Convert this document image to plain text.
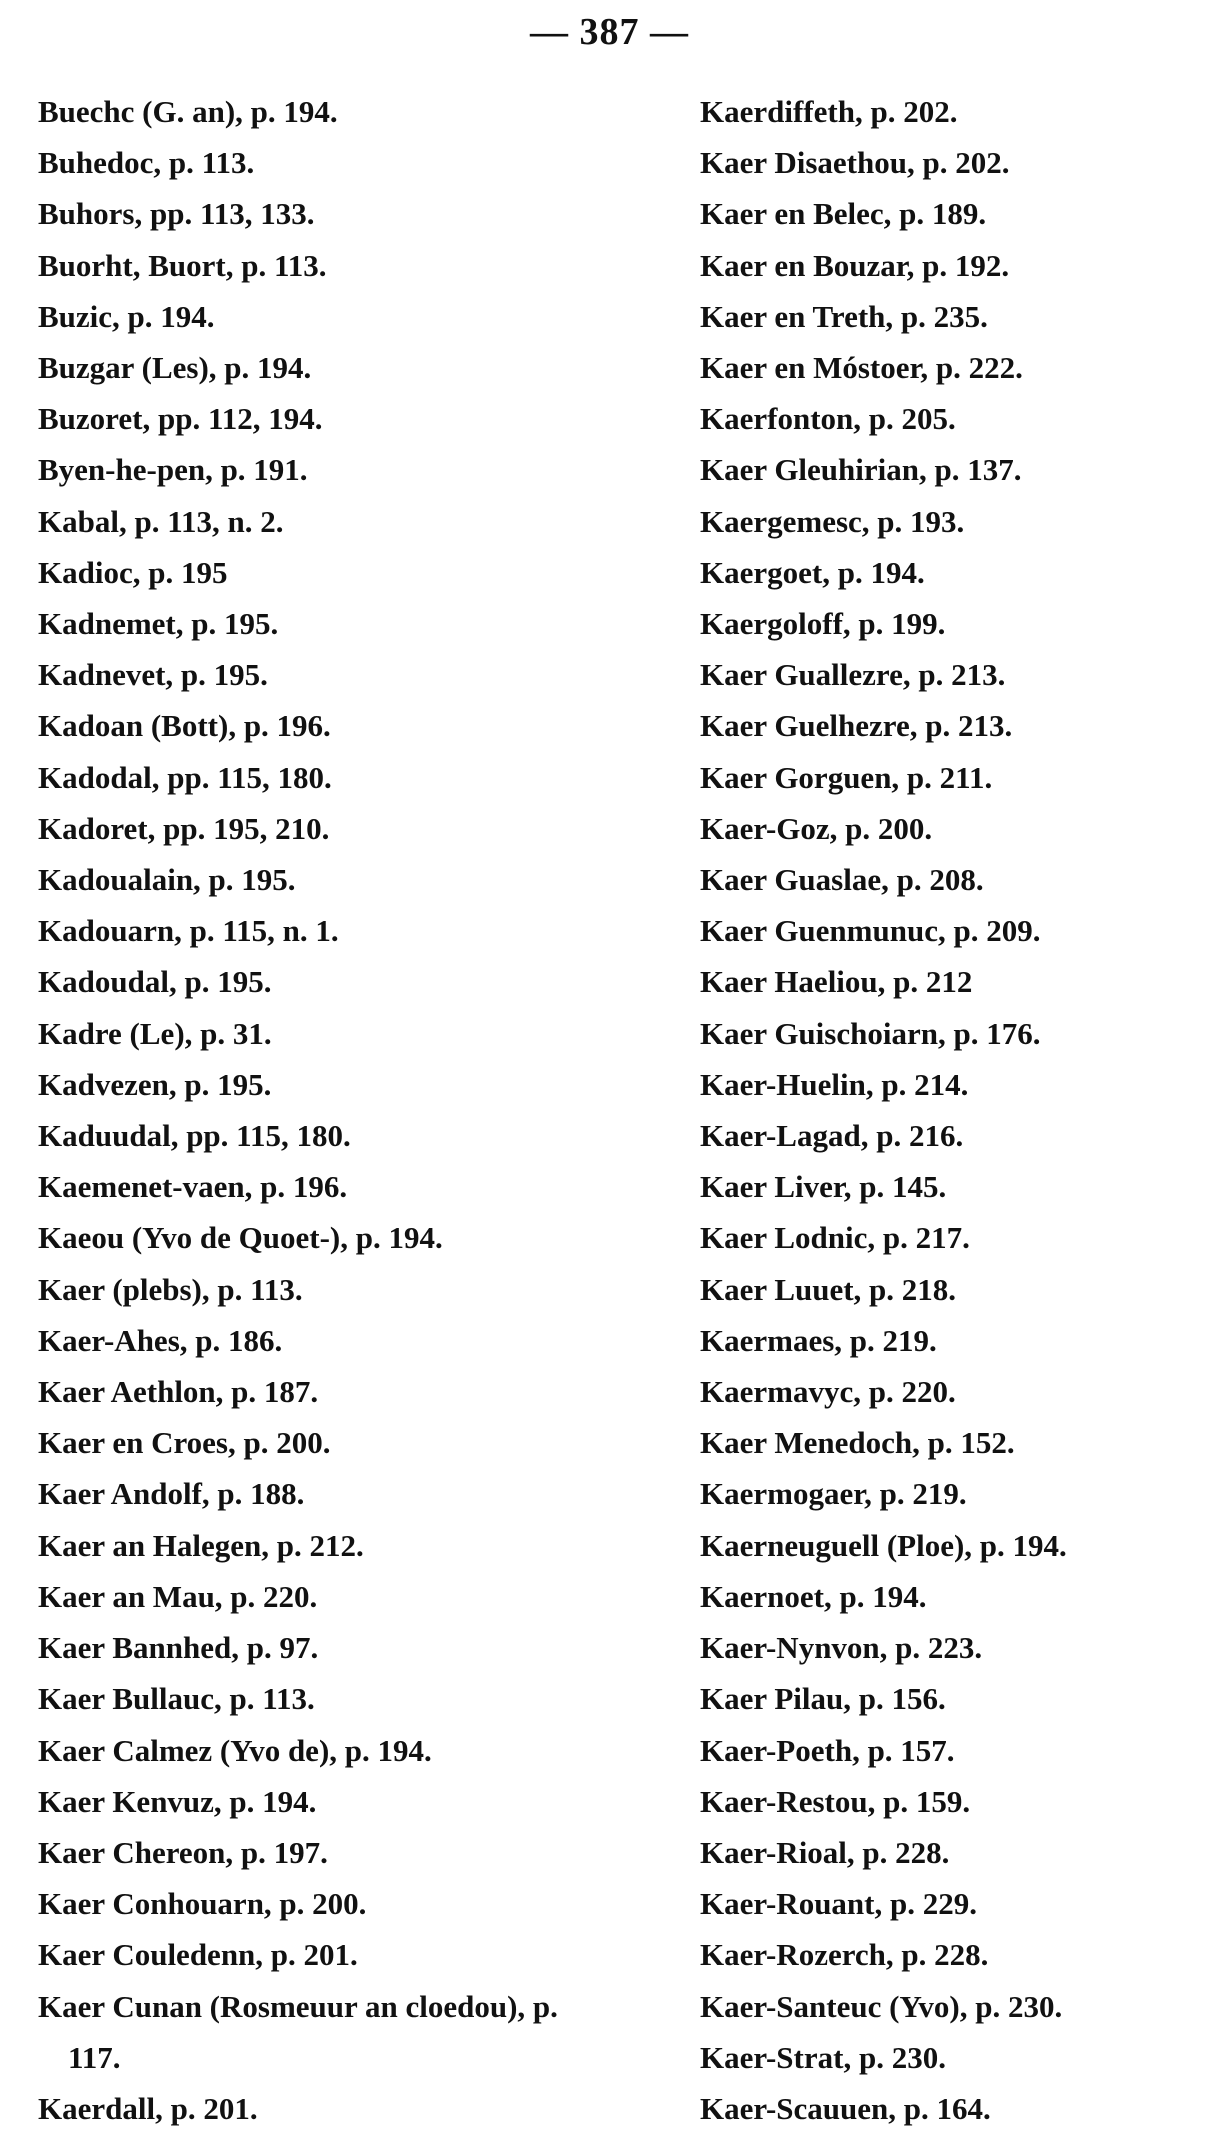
— 387 —
Buechc (G. an), p. 194.
Buhedoc, p. 113.
Buhors, pp. 113, 133.
Buorht, Buort, p. 113.
Buzic, p. 194.
Buzgar (Les), p. 194.
Buzoret, pp. 112, 194.
Byen-he-pen, p. 191.
Kabal, p. 113, n. 2.
Kadioc, p. 195
Kadnemet, p. 195.
Kadnevet, p. 195.
Kadoan (Bott), p. 196.
Kadodal, pp. 115, 180.
Kadoret, pp. 195, 210.
Kadoualain, p. 195.
Kadouarn, p. 115, n. 1.
Kadoudal, p. 195.
Kadre (Le), p. 31.
Kadvezen, p. 195.
Kaduudal, pp. 115, 180.
Kaemenet-vaen, p. 196.
Kaeou (Yvo de Quoet-), p. 194.
Kaer (plebs), p. 113.
Kaer-Ahes, p. 186.
Kaer Aethlon, p. 187.
Kaer en Croes, p. 200.
Kaer Andolf, p. 188.
Kaer an Halegen, p. 212.
Kaer an Mau, p. 220.
Kaer Bannhed, p. 97.
Kaer Bullauc, p. 113.
Kaer Calmez (Yvo de), p. 194.
Kaer Kenvuz, p. 194.
Kaer Chereon, p. 197.
Kaer Conhouarn, p. 200.
Kaer Couledenn, p. 201.
Kaer Cunan (Rosmeuur an cloedou), p. 117.
Kaerdall, p. 201.
Kaerdiffeth, p. 202.
Kaer Disaethou, p. 202.
Kaer en Belec, p. 189.
Kaer en Bouzar, p. 192.
Kaer en Treth, p. 235.
Kaer en Móstoer, p. 222.
Kaerfonton, p. 205.
Kaer Gleuhirian, p. 137.
Kaergemesc, p. 193.
Kaergoet, p. 194.
Kaergoloff, p. 199.
Kaer Guallezre, p. 213.
Kaer Guelhezre, p. 213.
Kaer Gorguen, p. 211.
Kaer-Goz, p. 200.
Kaer Guaslae, p. 208.
Kaer Guenmunuc, p. 209.
Kaer Haeliou, p. 212
Kaer Guischoiarn, p. 176.
Kaer-Huelin, p. 214.
Kaer-Lagad, p. 216.
Kaer Liver, p. 145.
Kaer Lodnic, p. 217.
Kaer Luuet, p. 218.
Kaermaes, p. 219.
Kaermavyc, p. 220.
Kaer Menedoch, p. 152.
Kaermogaer, p. 219.
Kaerneuguell (Ploe), p. 194.
Kaernoet, p. 194.
Kaer-Nynvon, p. 223.
Kaer Pilau, p. 156.
Kaer-Poeth, p. 157.
Kaer-Restou, p. 159.
Kaer-Rioal, p. 228.
Kaer-Rouant, p. 229.
Kaer-Rozerch, p. 228.
Kaer-Santeuc (Yvo), p. 230.
Kaer-Strat, p. 230.
Kaer-Scauuen, p. 164.
